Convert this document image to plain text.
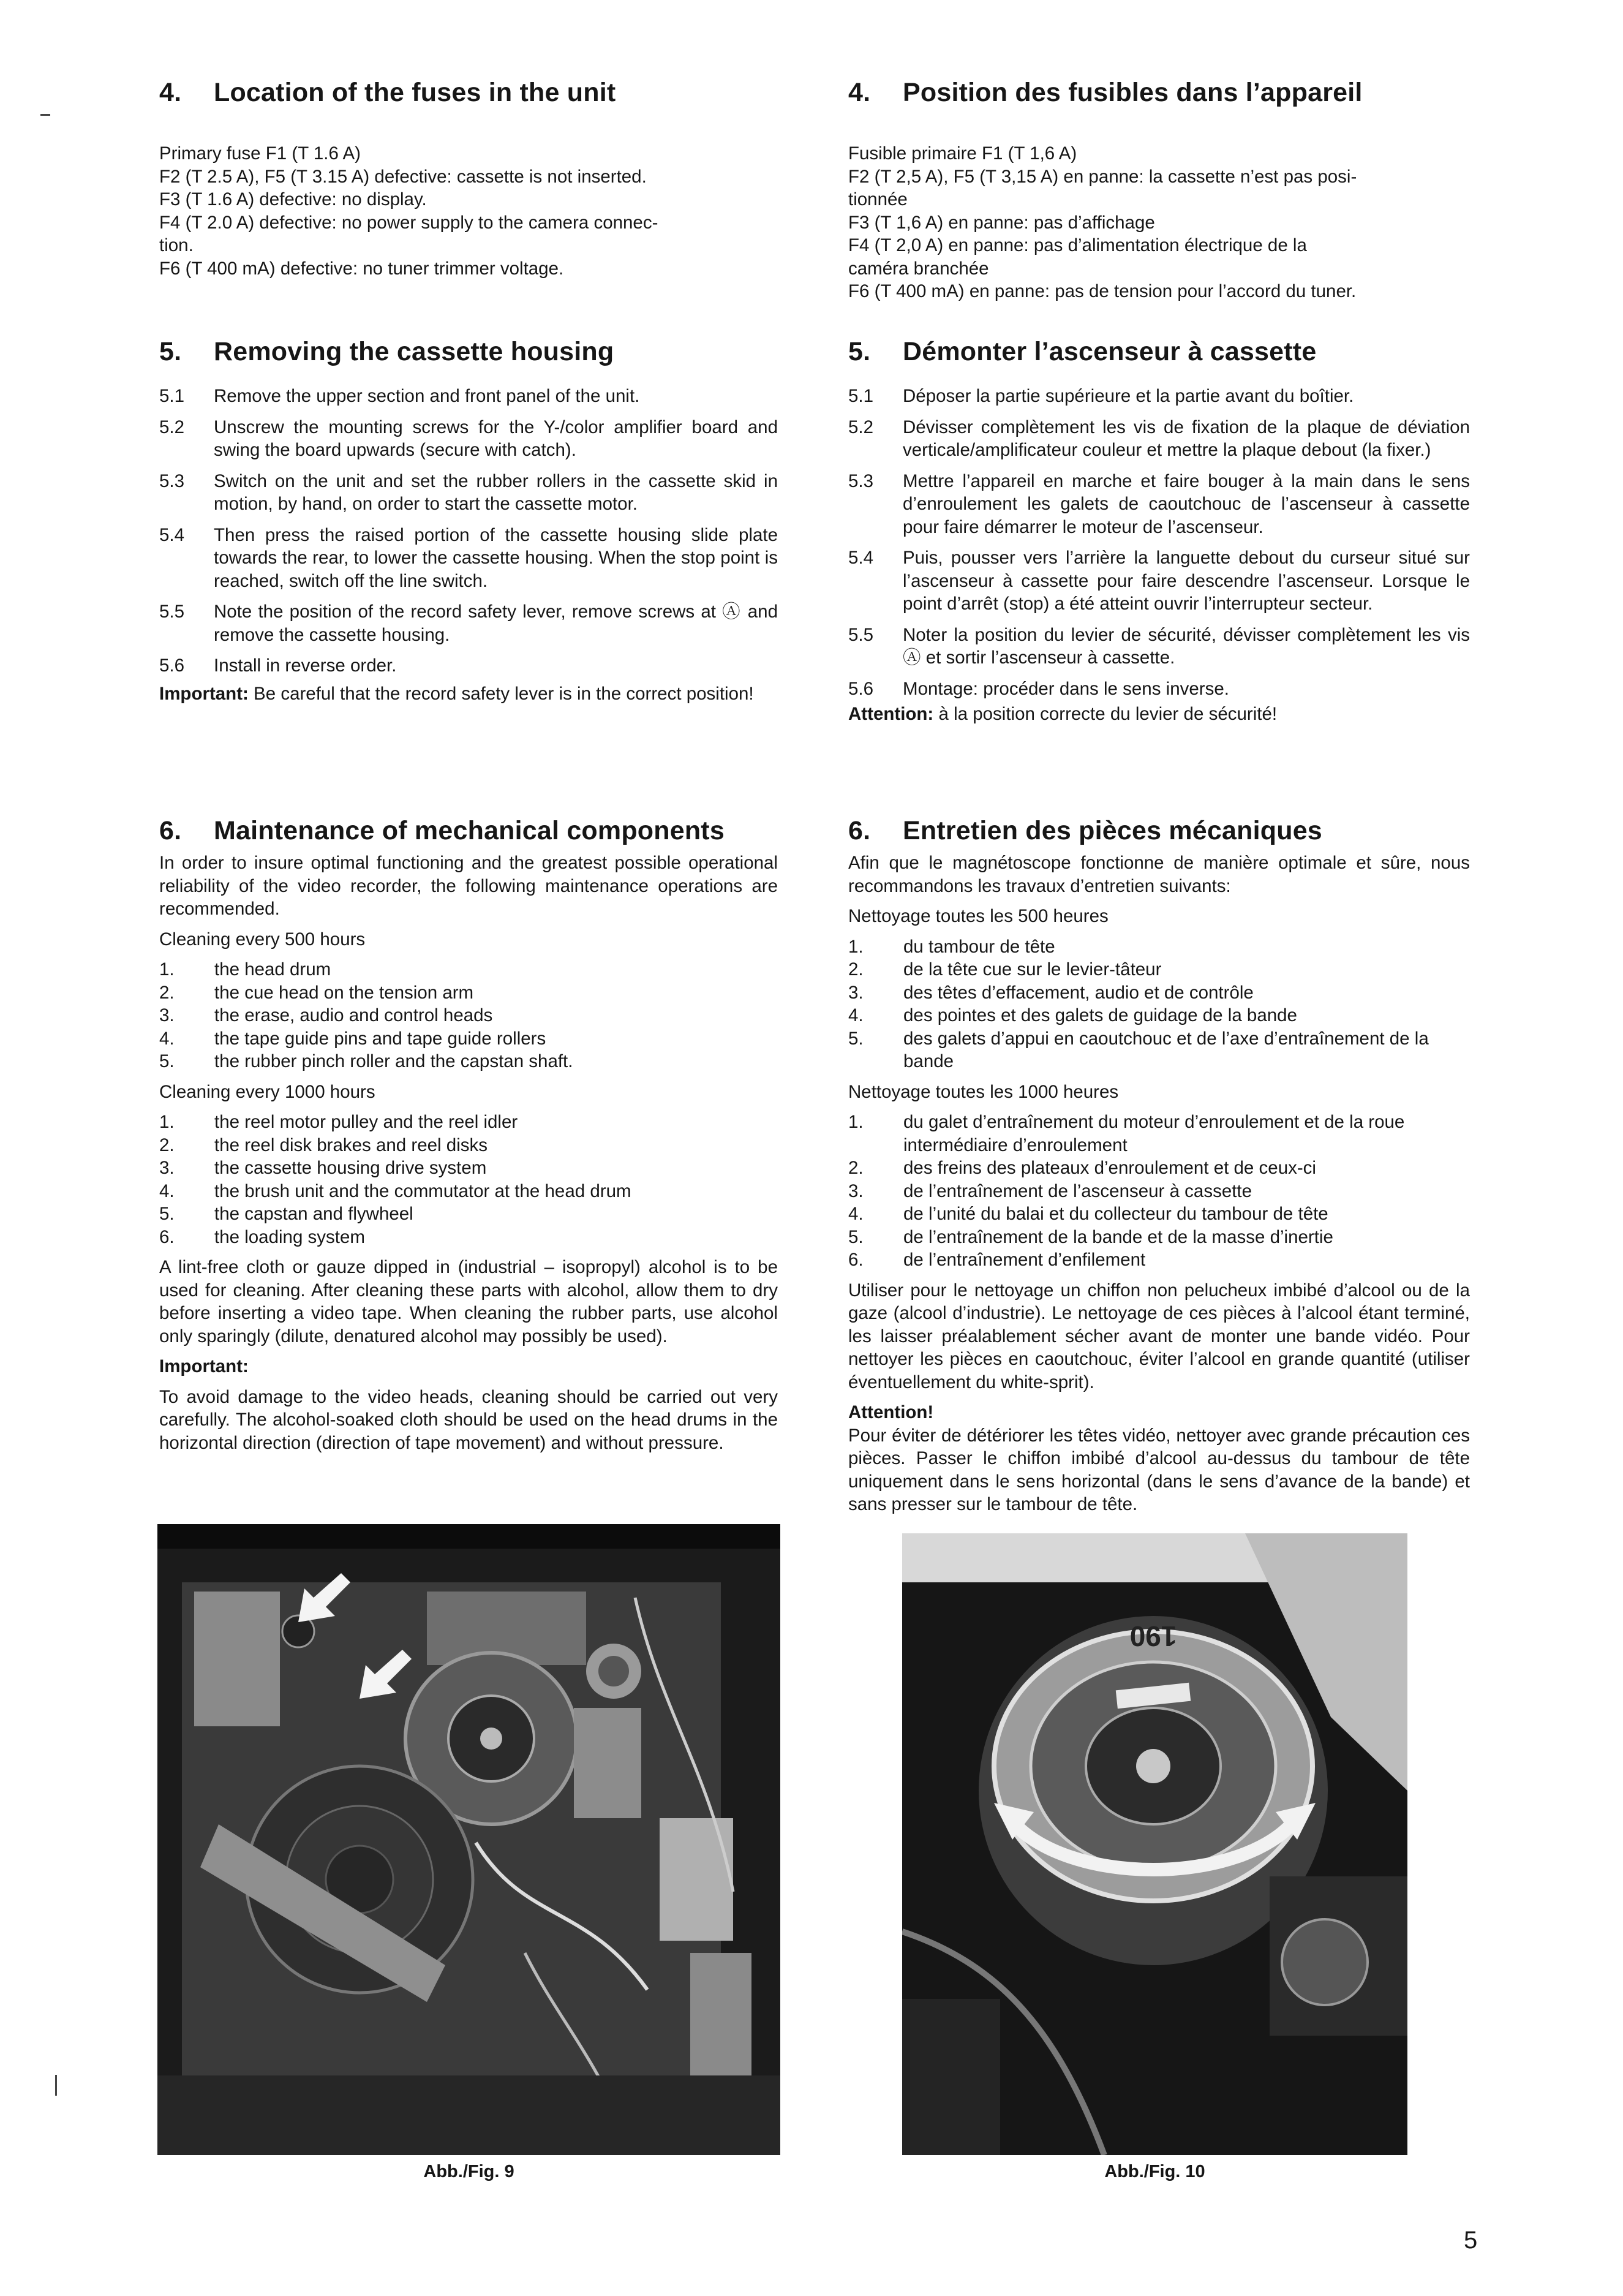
4.	Location of the fuses in the unit

Primary fuse F1 (T 1.6 A)

F2 (T 2.5 A), F5 (T 3.15 A) defective: cassette is not inserted.

F3 (T 1.6 A) defective: no display.

F4 (T 2.0 A) defective: no power supply to the camera connec-

tion.

F6 (T 400 mA) defective: no tuner trimmer voltage.

5.	Removing the cassette housing
5.1	Remove the upper section and front panel of the unit.
5.2	Unscrew the mounting screws for the Y-/color amplifier board and swing the board upwards (secure with catch).
5.3	Switch on the unit and set the rubber rollers in the cassette skid in motion, by hand, on order to start the cassette motor.
5.4	Then press the raised portion of the cassette housing slide plate towards the rear, to lower the cassette housing. When the stop point is reached, switch off the line switch.
5.5	Note the position of the record safety lever, remove screws at Ⓐ and remove the cassette housing.
5.6	Install in reverse order.

Important: Be careful that the record safety lever is in the correct position!

6.	Maintenance of mechanical components

In order to insure optimal functioning and the greatest possible operational reliability of the video recorder, the following maintenance operations are recommended.

Cleaning every 500 hours

1.	the head drum
2.	the cue head on the tension arm
3.	the erase, audio and control heads
4.	the tape guide pins and tape guide rollers
5.	the rubber pinch roller and the capstan shaft.

Cleaning every 1000 hours

1.	the reel motor pulley and the reel idler
2.	the reel disk brakes and reel disks
3.	the cassette housing drive system
4.	the brush unit and the commutator at the head drum
5.	the capstan and flywheel
6.	the loading system

A lint-free cloth or gauze dipped in (industrial – isopropyl) alcohol is to be used for cleaning. After cleaning these parts with alcohol, allow them to dry before inserting a video tape. When cleaning the rubber parts, use alcohol only sparingly (dilute, denatured alcohol may possibly be used).

Important:

To avoid damage to the video heads, cleaning should be carried out very carefully. The alcohol-soaked cloth should be used on the head drums in the horizontal direction (direction of tape movement) and without pressure.

4.	Position des fusibles dans l’appareil

Fusible primaire F1 (T 1,6 A)

F2 (T 2,5 A), F5 (T 3,15 A) en panne: la cassette n’est pas posi-

tionnée

F3 (T 1,6 A) en panne: pas d’affichage

F4 (T 2,0 A) en panne: pas d’alimentation électrique de la

caméra branchée

F6 (T 400 mA) en panne: pas de tension pour l’accord du tuner.

5.	Démonter l’ascenseur à cassette
5.1	Déposer la partie supérieure et la partie avant du boîtier.
5.2	Dévisser complètement les vis de fixation de la plaque de déviation verticale/amplificateur couleur et mettre la plaque debout (la fixer.)
5.3	Mettre l’appareil en marche et faire bouger à la main dans le sens d’enroulement les galets de caoutchouc de l’ascenseur à cassette pour faire démarrer le moteur de l’ascenseur.
5.4	Puis, pousser vers l’arrière la languette debout du curseur situé sur l’ascenseur à cassette pour faire descendre l’ascenseur. Lorsque le point d’arrêt (stop) a été atteint ouvrir l’interrupteur secteur.
5.5	Noter la position du levier de sécurité, dévisser complètement les vis Ⓐ et sortir l’ascenseur à cassette.
5.6	Montage: procéder dans le sens inverse.

Attention: à la position correcte du levier de sécurité!

6.	Entretien des pièces mécaniques

Afin que le magnétoscope fonctionne de manière optimale et sûre, nous recommandons les travaux d’entretien suivants:

Nettoyage toutes les 500 heures

1.	du tambour de tête
2.	de la tête cue sur le levier-tâteur
3.	des têtes d’effacement, audio et de contrôle
4.	des pointes et des galets de guidage de la bande
5.	des galets d’appui en caoutchouc et de l’axe d’entraînement de la bande

Nettoyage toutes les 1000 heures

1.	du galet d’entraînement du moteur d’enroulement et de la roue intermédiaire d’enroulement
2.	des freins des plateaux d’enroulement et de ceux-ci
3.	de l’entraînement de l’ascenseur à cassette
4.	de l’unité du balai et du collecteur du tambour de tête
5.	de l’entraînement de la bande et de la masse d’inertie
6.	de l’entraînement d’enfilement

Utiliser pour le nettoyage un chiffon non pelucheux imbibé d’alcool ou de la gaze (alcool d’industrie). Le nettoyage de ces pièces à l’alcool étant terminé, les laisser préalablement sécher avant de monter une bande vidéo. Pour nettoyer les pièces en caoutchouc, éviter l’alcool en grande quantité (utiliser éventuellement du white-sprit).

Attention!

Pour éviter de détériorer les têtes vidéo, nettoyer avec grande précaution ces pièces. Passer le chiffon imbibé d’alcool au-dessus du tambour de tête uniquement dans le sens horizontal (dans le sens d’avance de la bande) et sans presser sur le tambour de tête.

Abb./Fig. 9
190
Abb./Fig. 10
5
